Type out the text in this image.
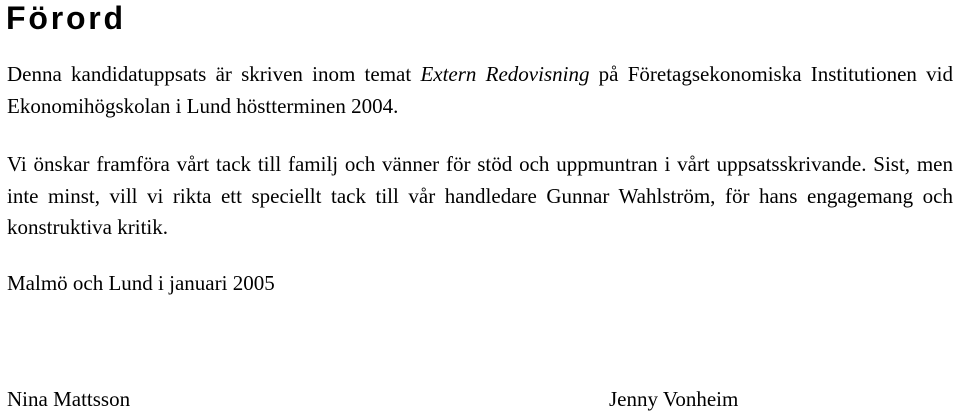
Förord

Denna kandidatuppsats är skriven inom temat Extern Redovisning på Företagsekonomiska Institutionen vid Ekonomihögskolan i Lund höstterminen 2004.

Vi önskar framföra vårt tack till familj och vänner för stöd och uppmuntran i vårt uppsatsskrivande. Sist, men inte minst, vill vi rikta ett speciellt tack till vår handledare Gunnar Wahlström, för hans engagemang och konstruktiva kritik.

Malmö och Lund i januari 2005

Nina Mattsson	Jenny Vonheim
